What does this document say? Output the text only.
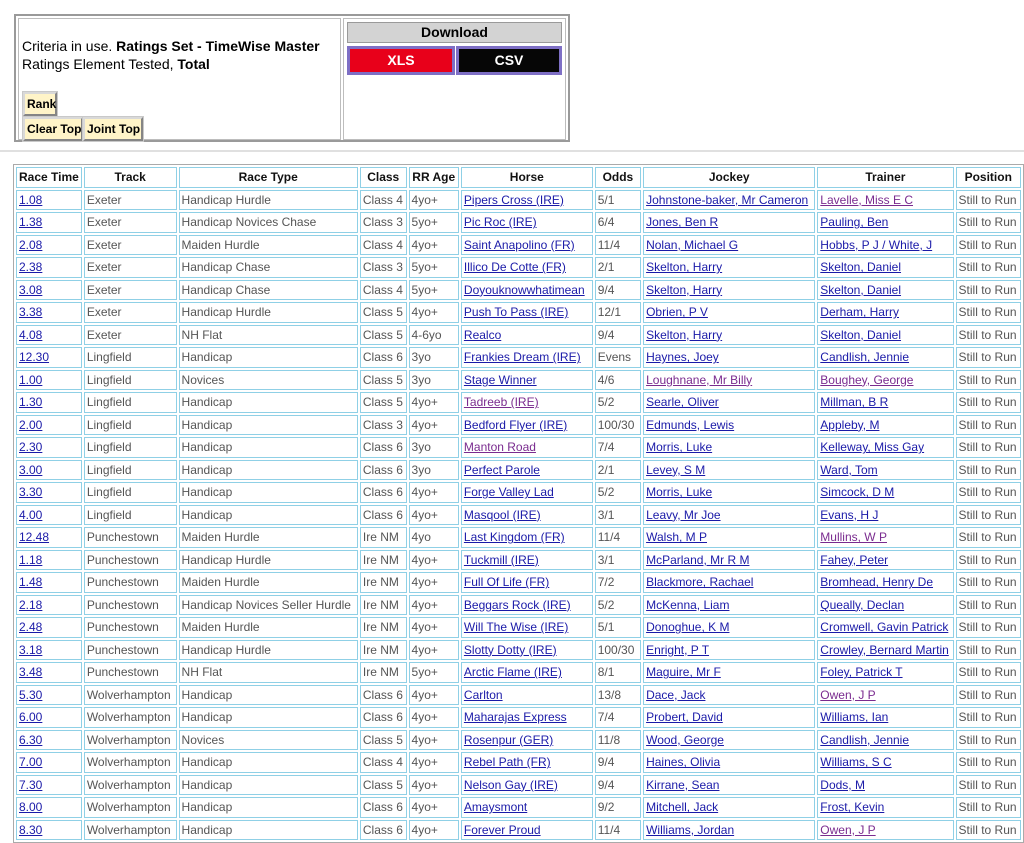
Criteria in use. Ratings Set - TimeWise Master
Ratings Element Tested, Total
Rank
Clear Top Joint Top
Download
XLS	CSV
Race Time	Track	Race Type	Class	RR Age	Horse	Odds	Jockey	Trainer	Position
1.08	Exeter	Handicap Hurdle	Class 4	4yo+	Pipers Cross (IRE)	5/1	Johnstone-baker, Mr Cameron	Lavelle, Miss E C	Still to Run
1.38	Exeter	Handicap Novices Chase	Class 3	5yo+	Pic Roc (IRE)	6/4	Jones, Ben R	Pauling, Ben	Still to Run
2.08	Exeter	Maiden Hurdle	Class 4	4yo+	Saint Anapolino (FR)	11/4	Nolan, Michael G	Hobbs, P J / White, J	Still to Run
2.38	Exeter	Handicap Chase	Class 3	5yo+	Illico De Cotte (FR)	2/1	Skelton, Harry	Skelton, Daniel	Still to Run
3.08	Exeter	Handicap Chase	Class 4	5yo+	Doyouknowwhatimean	9/4	Skelton, Harry	Skelton, Daniel	Still to Run
3.38	Exeter	Handicap Hurdle	Class 5	4yo+	Push To Pass (IRE)	12/1	Obrien, P V	Derham, Harry	Still to Run
4.08	Exeter	NH Flat	Class 5	4-6yo	Realco	9/4	Skelton, Harry	Skelton, Daniel	Still to Run
12.30	Lingfield	Handicap	Class 6	3yo	Frankies Dream (IRE)	Evens	Haynes, Joey	Candlish, Jennie	Still to Run
1.00	Lingfield	Novices	Class 5	3yo	Stage Winner	4/6	Loughnane, Mr Billy	Boughey, George	Still to Run
1.30	Lingfield	Handicap	Class 5	4yo+	Tadreeb (IRE)	5/2	Searle, Oliver	Millman, B R	Still to Run
2.00	Lingfield	Handicap	Class 3	4yo+	Bedford Flyer (IRE)	100/30	Edmunds, Lewis	Appleby, M	Still to Run
2.30	Lingfield	Handicap	Class 6	3yo	Manton Road	7/4	Morris, Luke	Kelleway, Miss Gay	Still to Run
3.00	Lingfield	Handicap	Class 6	3yo	Perfect Parole	2/1	Levey, S M	Ward, Tom	Still to Run
3.30	Lingfield	Handicap	Class 6	4yo+	Forge Valley Lad	5/2	Morris, Luke	Simcock, D M	Still to Run
4.00	Lingfield	Handicap	Class 6	4yo+	Masqool (IRE)	3/1	Leavy, Mr Joe	Evans, H J	Still to Run
12.48	Punchestown	Maiden Hurdle	Ire NM	4yo	Last Kingdom (FR)	11/4	Walsh, M P	Mullins, W P	Still to Run
1.18	Punchestown	Handicap Hurdle	Ire NM	4yo+	Tuckmill (IRE)	3/1	McParland, Mr R M	Fahey, Peter	Still to Run
1.48	Punchestown	Maiden Hurdle	Ire NM	4yo+	Full Of Life (FR)	7/2	Blackmore, Rachael	Bromhead, Henry De	Still to Run
2.18	Punchestown	Handicap Novices Seller Hurdle	Ire NM	4yo+	Beggars Rock (IRE)	5/2	McKenna, Liam	Queally, Declan	Still to Run
2.48	Punchestown	Maiden Hurdle	Ire NM	4yo+	Will The Wise (IRE)	5/1	Donoghue, K M	Cromwell, Gavin Patrick	Still to Run
3.18	Punchestown	Handicap Hurdle	Ire NM	4yo+	Slotty Dotty (IRE)	100/30	Enright, P T	Crowley, Bernard Martin	Still to Run
3.48	Punchestown	NH Flat	Ire NM	5yo+	Arctic Flame (IRE)	8/1	Maguire, Mr F	Foley, Patrick T	Still to Run
5.30	Wolverhampton	Handicap	Class 6	4yo+	Carlton	13/8	Dace, Jack	Owen, J P	Still to Run
6.00	Wolverhampton	Handicap	Class 6	4yo+	Maharajas Express	7/4	Probert, David	Williams, Ian	Still to Run
6.30	Wolverhampton	Novices	Class 5	4yo+	Rosenpur (GER)	11/8	Wood, George	Candlish, Jennie	Still to Run
7.00	Wolverhampton	Handicap	Class 4	4yo+	Rebel Path (FR)	9/4	Haines, Olivia	Williams, S C	Still to Run
7.30	Wolverhampton	Handicap	Class 5	4yo+	Nelson Gay (IRE)	9/4	Kirrane, Sean	Dods, M	Still to Run
8.00	Wolverhampton	Handicap	Class 6	4yo+	Amaysmont	9/2	Mitchell, Jack	Frost, Kevin	Still to Run
8.30	Wolverhampton	Handicap	Class 6	4yo+	Forever Proud	11/4	Williams, Jordan	Owen, J P	Still to Run
